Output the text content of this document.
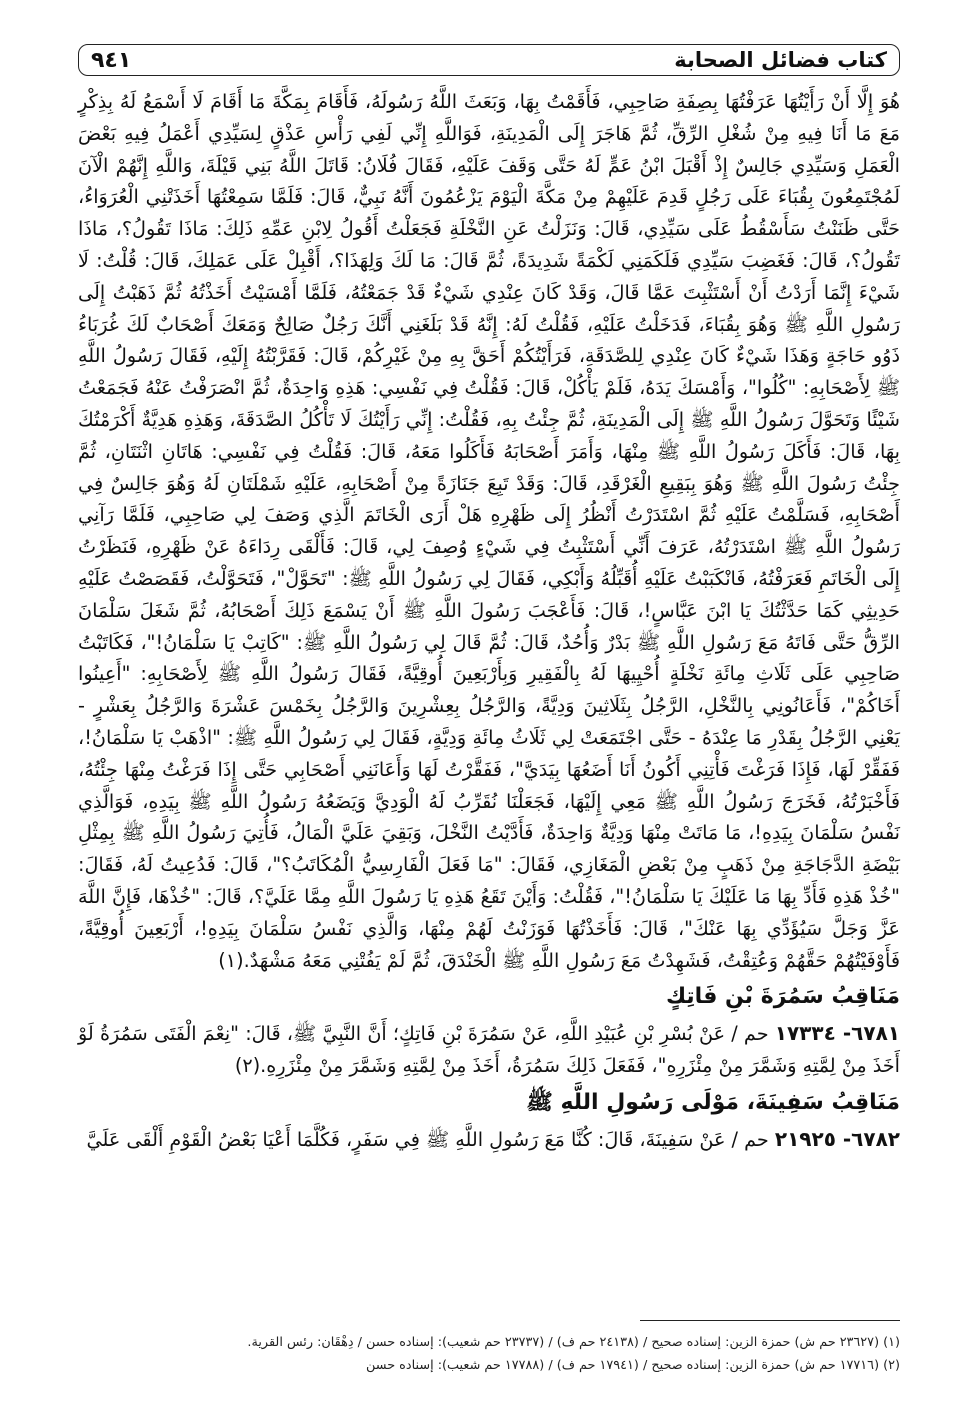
كتاب فضائل الصحابة
٩٤١

هُوَ إِلَّا أَنْ رَأَيْتُهَا عَرَفْتُهَا بِصِفَةِ صَاحِبِي، فَأَقَمْتُ بِهَا، وَبَعَثَ اللَّهُ رَسُولَهُ، فَأَقَامَ بِمَكَّةَ مَا أَقَامَ لَا أَسْمَعُ لَهُ بِذِكْرٍ مَعَ مَا أَنَا فِيهِ مِنْ شُغْلِ الرِّقِّ، ثُمَّ هَاجَرَ إِلَى الْمَدِينَةِ، فَوَاللَّهِ إِنِّي لَفِي رَأْسِ عَذْقٍ لِسَيِّدِي أَعْمَلُ فِيهِ بَعْضَ الْعَمَلِ وَسَيِّدِي جَالِسٌ إِذْ أَقْبَلَ ابْنُ عَمٍّ لَهُ حَتَّى وَقَفَ عَلَيْهِ، فَقَالَ فُلَانُ: قَاتَلَ اللَّهُ بَنِي قَيْلَةَ، وَاللَّهِ إِنَّهُمْ الْآنَ لَمُجْتَمِعُونَ بِقُبَاءَ عَلَى رَجُلٍ قَدِمَ عَلَيْهِمْ مِنْ مَكَّةَ الْيَوْمَ يَزْعُمُونَ أَنَّهُ نَبِيٌّ، قَالَ: فَلَمَّا سَمِعْتُهَا أَخَذَتْنِي الْعُرَوَاءُ، حَتَّى ظَنَنْتُ سَأَسْقُطُ عَلَى سَيِّدِي، قَالَ: وَنَزَلْتُ عَنِ النَّخْلَةِ فَجَعَلْتُ أَقُولُ لِابْنِ عَمِّهِ ذَلِكَ: مَاذَا تَقُولُ؟، مَاذَا تَقُولُ؟، قَالَ: فَغَضِبَ سَيِّدِي فَلَكَمَنِي لَكْمَةً شَدِيدَةً، ثُمَّ قَالَ: مَا لَكَ وَلِهَذَا؟، أَقْبِلْ عَلَى عَمَلِكَ، قَالَ: قُلْتُ: لَا شَيْءَ إِنَّمَا أَرَدْتُ أَنْ أَسْتَثْبِتَ عَمَّا قَالَ، وَقَدْ كَانَ عِنْدِي شَيْءٌ قَدْ جَمَعْتُهُ، فَلَمَّا أَمْسَيْتُ أَخَذْتُهُ ثُمَّ ذَهَبْتُ إِلَى رَسُولِ اللَّهِ ﷺ وَهُوَ بِقُبَاءَ، فَدَخَلْتُ عَلَيْهِ، فَقُلْتُ لَهُ: إِنَّهُ قَدْ بَلَغَنِي أَنَّكَ رَجُلٌ صَالِحٌ وَمَعَكَ أَصْحَابٌ لَكَ غُرَبَاءُ ذَوُو حَاجَةٍ وَهَذَا شَيْءٌ كَانَ عِنْدِي لِلصَّدَقَةِ، فَرَأَيْتُكُمْ أَحَقَّ بِهِ مِنْ غَيْرِكُمْ، قَالَ: فَقَرَّبْتُهُ إِلَيْهِ، فَقَالَ رَسُولُ اللَّهِ ﷺ لِأَصْحَابِهِ: "كُلُوا"، وَأَمْسَكَ يَدَهُ، فَلَمْ يَأْكُلْ، قَالَ: فَقُلْتُ فِي نَفْسِي: هَذِهِ وَاحِدَةٌ، ثُمَّ انْصَرَفْتُ عَنْهُ فَجَمَعْتُ شَيْئًا وَتَحَوَّلَ رَسُولُ اللَّهِ ﷺ إِلَى الْمَدِينَةِ، ثُمَّ جِئْتُ بِهِ، فَقُلْتُ: إِنِّي رَأَيْتُكَ لَا تَأْكُلُ الصَّدَقَةَ، وَهَذِهِ هَدِيَّةٌ أَكْرَمْتُكَ بِهَا، قَالَ: فَأَكَلَ رَسُولُ اللَّهِ ﷺ مِنْهَا، وَأَمَرَ أَصْحَابَهُ فَأَكَلُوا مَعَهُ، قَالَ: فَقُلْتُ فِي نَفْسِي: هَاتَانِ اثْنَتَانِ، ثُمَّ جِئْتُ رَسُولَ اللَّهِ ﷺ وَهُوَ بِبَقِيعِ الْغَرْقَدِ، قَالَ: وَقَدْ تَبِعَ جَنَازَةً مِنْ أَصْحَابِهِ، عَلَيْهِ شَمْلَتَانِ لَهُ وَهُوَ جَالِسٌ فِي أَصْحَابِهِ، فَسَلَّمْتُ عَلَيْهِ ثُمَّ اسْتَدَرْتُ أَنْظُرُ إِلَى ظَهْرِهِ هَلْ أَرَى الْخَاتَمَ الَّذِي وَصَفَ لِي صَاحِبِي، فَلَمَّا رَآنِي رَسُولُ اللَّهِ ﷺ اسْتَدَرْتُهُ، عَرَفَ أَنِّي أَسْتَثْبِتُ فِي شَيْءٍ وُصِفَ لِي، قَالَ: فَأَلْقَى رِدَاءَهُ عَنْ ظَهْرِهِ، فَنَظَرْتُ إِلَى الْخَاتَمِ فَعَرَفْتُهُ، فَانْكَبَبْتُ عَلَيْهِ أُقَبِّلُهُ وَأَبْكِي، فَقَالَ لِي رَسُولُ اللَّهِ ﷺ: "تَحَوَّلْ"، فَتَحَوَّلْتُ، فَقَصَصْتُ عَلَيْهِ حَدِيثِي كَمَا حَدَّثْتُكَ يَا ابْنَ عَبَّاسٍ!، قَالَ: فَأَعْجَبَ رَسُولَ اللَّهِ ﷺ أَنْ يَسْمَعَ ذَلِكَ أَصْحَابُهُ، ثُمَّ شَغَلَ سَلْمَانَ الرِّقُّ حَتَّى فَاتَهُ مَعَ رَسُولِ اللَّهِ ﷺ بَدْرٌ وَأُحُدٌ، قَالَ: ثُمَّ قَالَ لِي رَسُولُ اللَّهِ ﷺ: "كَاتِبْ يَا سَلْمَانُ!"، فَكَاتَبْتُ صَاحِبِي عَلَى ثَلَاثِ مِائَةِ نَخْلَةٍ أُحْيِيهَا لَهُ بِالْفَقِيرِ وَبِأَرْبَعِينَ أُوقِيَّةً، فَقَالَ رَسُولُ اللَّهِ ﷺ لِأَصْحَابِهِ: "أَعِينُوا أَخَاكُمْ"، فَأَعَانُونِي بِالنَّخْلِ، الرَّجُلُ بِثَلَاثِينَ وَدِيَّةً، وَالرَّجُلُ بِعِشْرِينَ وَالرَّجُلُ بِخَمْسَ عَشْرَةَ وَالرَّجُلُ بِعَشْرٍ - يَعْنِي الرَّجُلُ بِقَدْرِ مَا عِنْدَهُ - حَتَّى اجْتَمَعَتْ لِي ثَلَاثُ مِائَةِ وَدِيَّةٍ، فَقَالَ لِي رَسُولُ اللَّهِ ﷺ: "اذْهَبْ يَا سَلْمَانُ!، فَفَقِّرْ لَهَا، فَإِذَا فَرَغْتَ فَأْتِنِي أَكُونُ أَنَا أَضَعُهَا بِيَدَيَّ"، فَفَقَّرْتُ لَهَا وَأَعَانَنِي أَصْحَابِي حَتَّى إِذَا فَرَغْتُ مِنْهَا جِئْتُهُ، فَأَخْبَرْتُهُ، فَخَرَجَ رَسُولُ اللَّهِ ﷺ مَعِي إِلَيْهَا، فَجَعَلْنَا نُقَرِّبُ لَهُ الْوَدِيَّ وَيَضَعُهُ رَسُولُ اللَّهِ ﷺ بِيَدِهِ، فَوَالَّذِي نَفْسُ سَلْمَانَ بِيَدِهِ!، مَا مَاتَتْ مِنْهَا وَدِيَّةٌ وَاحِدَةٌ، فَأَدَّيْتُ النَّخْلَ، وَبَقِيَ عَلَيَّ الْمَالُ، فَأُتِيَ رَسُولُ اللَّهِ ﷺ بِمِثْلِ بَيْضَةِ الدَّجَاجَةِ مِنْ ذَهَبٍ مِنْ بَعْضِ الْمَغَازِي، فَقَالَ: "مَا فَعَلَ الْفَارِسِيُّ الْمُكَاتَبُ؟"، قَالَ: فَدُعِيتُ لَهُ، فَقَالَ: "خُذْ هَذِهِ فَأَدِّ بِهَا مَا عَلَيْكَ يَا سَلْمَانُ!"، فَقُلْتُ: وَأَيْنَ تَقَعُ هَذِهِ يَا رَسُولَ اللَّهِ مِمَّا عَلَيَّ؟، قَالَ: "خُذْهَا، فَإِنَّ اللَّهَ عَزَّ وَجَلَّ سَيُؤَدِّي بِهَا عَنْكَ"، قَالَ: فَأَخَذْتُهَا فَوَزَنْتُ لَهُمْ مِنْهَا، وَالَّذِي نَفْسُ سَلْمَانَ بِيَدِهِ!، أَرْبَعِينَ أُوقِيَّةً، فَأَوْفَيْتُهُمْ حَقَّهُمْ وَعُتِقْتُ، فَشَهِدْتُ مَعَ رَسُولِ اللَّهِ ﷺ الْخَنْدَقَ، ثُمَّ لَمْ يَفُتْنِي مَعَهُ مَشْهَدٌ.(١)

مَنَاقِبُ سَمُرَةَ بْنِ فَاتِكٍ

٦٧٨١- ١٧٣٣٤ حم / عَنْ بُسْرِ بْنِ عُبَيْدِ اللَّهِ، عَنْ سَمُرَةَ بْنِ فَاتِكٍ؛ أَنَّ النَّبِيَّ ﷺ، قَالَ: "نِعْمَ الْفَتَى سَمُرَةُ لَوْ أَخَذَ مِنْ لِمَّتِهِ وَشَمَّرَ مِنْ مِئْزَرِهِ"، فَفَعَلَ ذَلِكَ سَمُرَةُ، أَخَذَ مِنْ لِمَّتِهِ وَشَمَّرَ مِنْ مِئْزَرِهِ.(٢)

مَنَاقِبُ سَفِينَةَ، مَوْلَى رَسُولِ اللَّهِ ﷺ

٦٧٨٢- ٢١٩٢٥ حم / عَنْ سَفِينَةَ، قَالَ: كُنَّا مَعَ رَسُولِ اللَّهِ ﷺ فِي سَفَرٍ، فَكُلَّمَا أَعْيَا بَعْضُ الْقَوْمِ أَلْقَى عَلَيَّ

(١) (٢٣٦٢٧ حم ش) حمزة الزين: إسناده صحيح / (٢٤١٣٨ حم ف) / (٢٣٧٣٧ حم شعيب): إسناده حسن / دِهْقَان: رئس القرية.
(٢) (١٧٧١٦ حم ش) حمزة الزين: إسناده صحيح / (١٧٩٤١ حم ف) / (١٧٧٨٨ حم شعيب): إسناده حسن
